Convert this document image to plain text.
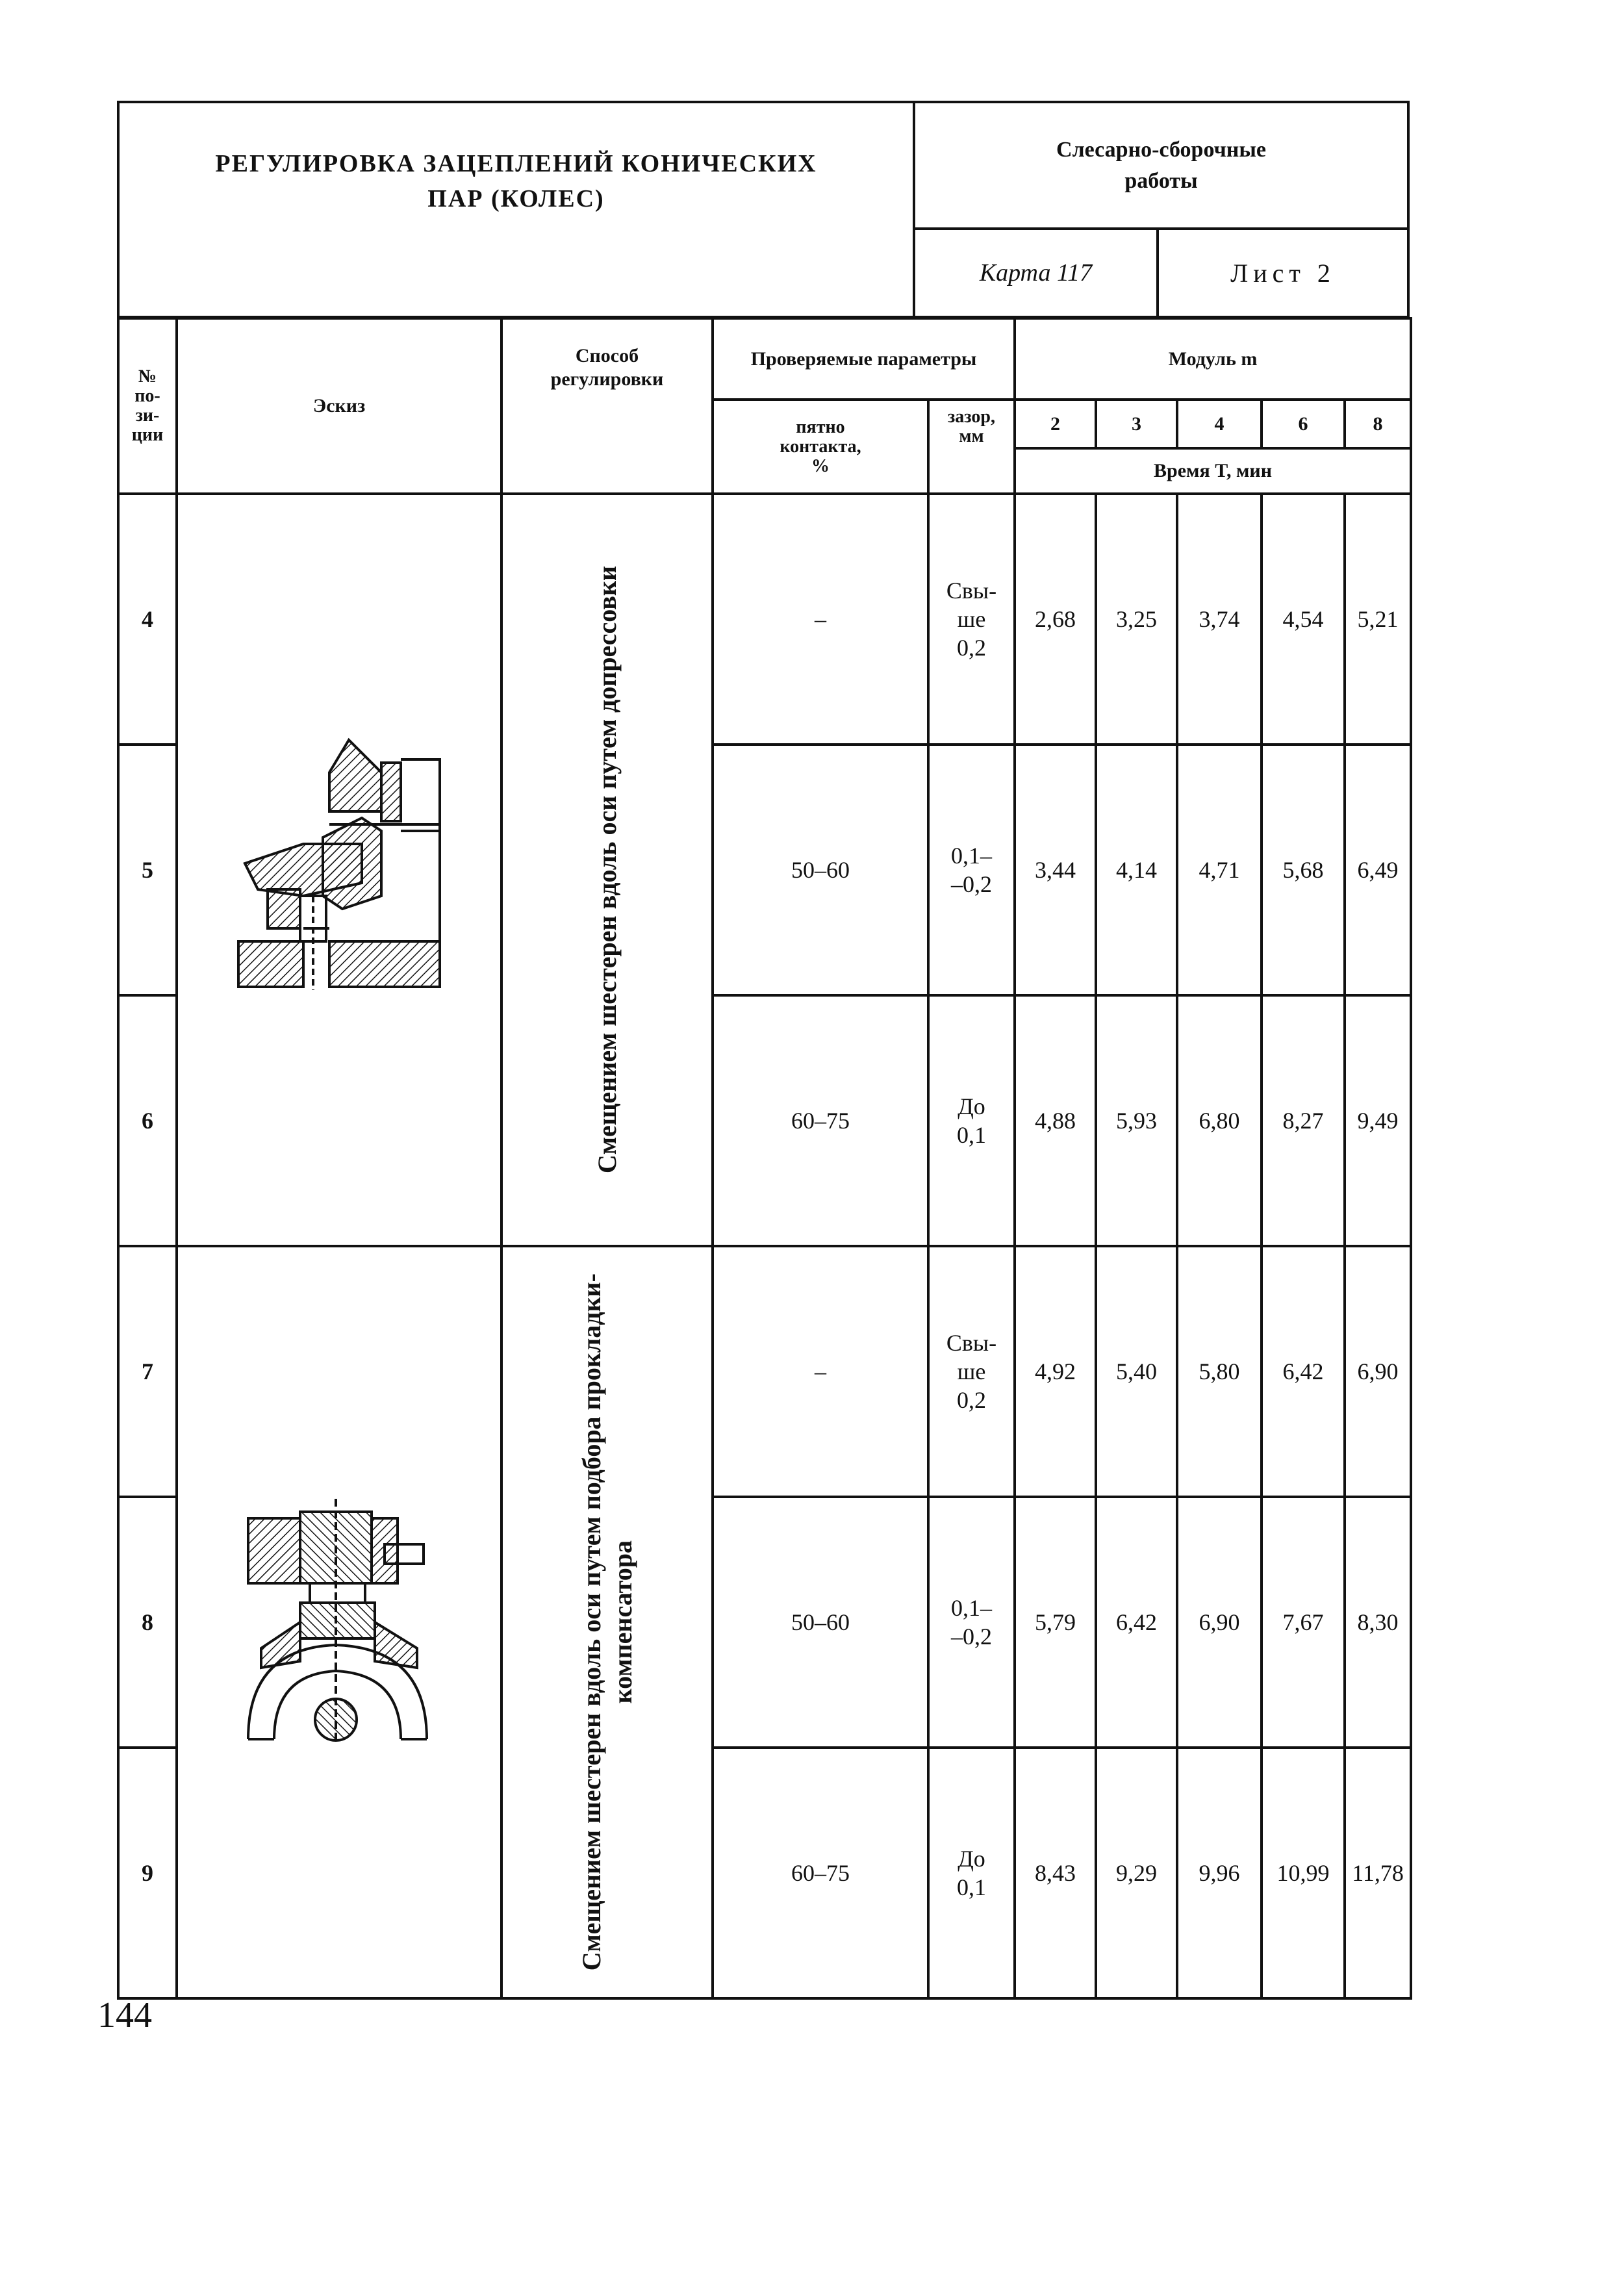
РЕГУЛИРОВКА ЗАЦЕПЛЕНИЙ КОНИЧЕСКИХ
ПАР (КОЛЕС)
Слесарно-сборочные
работы
Карта 117	Лист 2
№
по-
зи-
ции	Эскиз	Способ
регулировки	Проверяемые параметры		Модуль m				
			пятно
контакта,
%	зазор,
мм	2	3	4	6	8
					Время T, мин				
4		Смещением шестерен вдоль оси путем допрессовки	–	Свы-
ше
0,2	2,68	3,25	3,74	4,54	5,21
5			50–60	0,1–
–0,2	3,44	4,14	4,71	5,68	6,49
6			60–75	До
0,1	4,88	5,93	6,80	8,27	9,49
7		Смещением шестерен вдоль оси путем подбора прокладки-
компенсатора	–	Свы-
ше
0,2	4,92	5,40	5,80	6,42	6,90
8			50–60	0,1–
–0,2	5,79	6,42	6,90	7,67	8,30
9			60–75	До
0,1	8,43	9,29	9,96	10,99	11,78
144
